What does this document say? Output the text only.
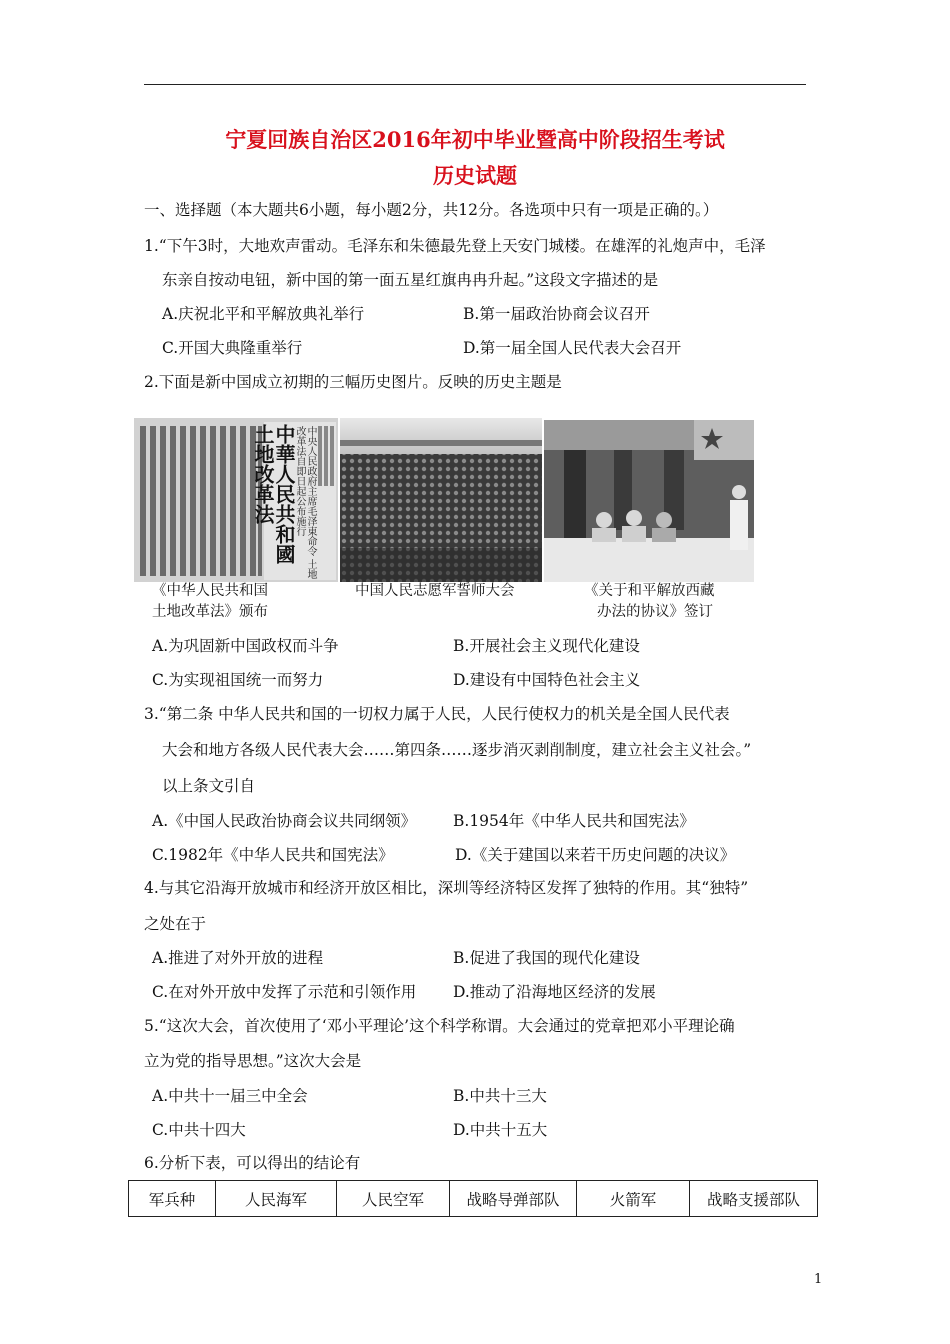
宁夏回族自治区2016年初中毕业暨高中阶段招生考试
历史试题
一、选择题（本大题共6小题，每小题2分，共12分。各选项中只有一项是正确的。）
1.“下午3时，大地欢声雷动。毛泽东和朱德最先登上天安门城楼。在雄浑的礼炮声中，毛泽
东亲自按动电钮，新中国的第一面五星红旗冉冉升起。”这段文字描述的是
A.庆祝北平和平解放典礼举行	B.第一届政治协商会议召开
C.开国大典隆重举行	D.第一届全国人民代表大会召开
2.下面是新中国成立初期的三幅历史图片。反映的历史主题是
中華人民共和國土地改革法	中央人民政府主席毛泽東命令 土地改革法自即日起公布施行
《中华人民共和国
土地改革法》颁布
中国人民志愿军誓师大会	《关于和平解放西藏
办法的协议》签订
A.为巩固新中国政权而斗争	B.开展社会主义现代化建设
C.为实现祖国统一而努力	D.建设有中国特色社会主义
3.“第二条 中华人民共和国的一切权力属于人民，人民行使权力的机关是全国人民代表
大会和地方各级人民代表大会……第四条……逐步消灭剥削制度，建立社会主义社会。”
以上条文引自
A.《中国人民政治协商会议共同纲领》 B.1954年《中华人民共和国宪法》
C.1982年《中华人民共和国宪法》	D.《关于建国以来若干历史问题的决议》
4.与其它沿海开放城市和经济开放区相比，深圳等经济特区发挥了独特的作用。其“独特”
之处在于
A.推进了对外开放的进程	B.促进了我国的现代化建设
C.在对外开放中发挥了示范和引领作用 D.推动了沿海地区经济的发展
5.“这次大会，首次使用了‘邓小平理论’这个科学称谓。大会通过的党章把邓小平理论确
立为党的指导思想。”这次大会是
A.中共十一届三中全会	B.中共十三大
C.中共十四大	D.中共十五大
6.分析下表，可以得出的结论有
军兵种	人民海军	人民空军	战略导弹部队	火箭军	战略支援部队
1
